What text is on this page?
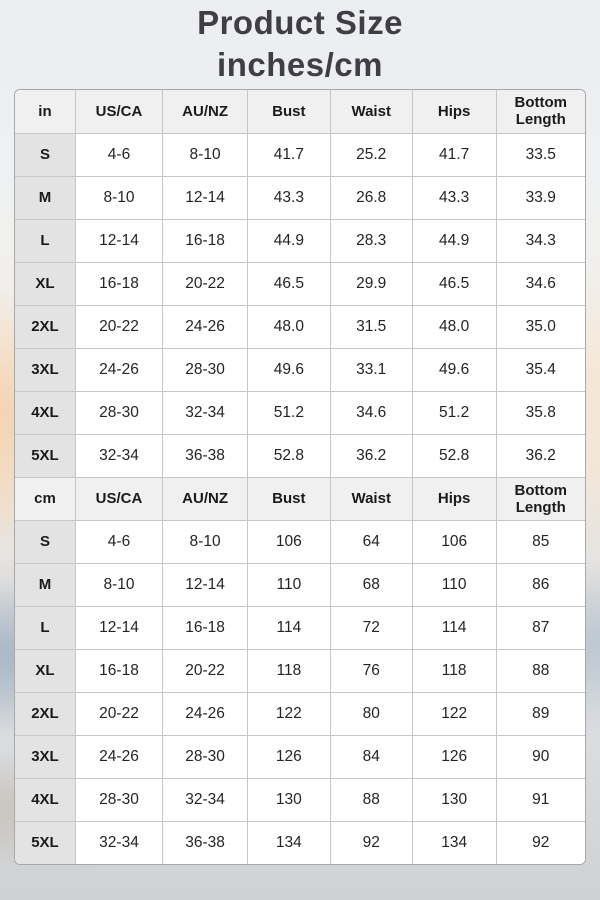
Product Size
inches/cm
in	US/CA	AU/NZ	Bust	Waist	Hips	Bottom Length
S	4-6	8-10	41.7	25.2	41.7	33.5
M	8-10	12-14	43.3	26.8	43.3	33.9
L	12-14	16-18	44.9	28.3	44.9	34.3
XL	16-18	20-22	46.5	29.9	46.5	34.6
2XL	20-22	24-26	48.0	31.5	48.0	35.0
3XL	24-26	28-30	49.6	33.1	49.6	35.4
4XL	28-30	32-34	51.2	34.6	51.2	35.8
5XL	32-34	36-38	52.8	36.2	52.8	36.2
cm	US/CA	AU/NZ	Bust	Waist	Hips	Bottom Length
S	4-6	8-10	106	64	106	85
M	8-10	12-14	110	68	110	86
L	12-14	16-18	114	72	114	87
XL	16-18	20-22	118	76	118	88
2XL	20-22	24-26	122	80	122	89
3XL	24-26	28-30	126	84	126	90
4XL	28-30	32-34	130	88	130	91
5XL	32-34	36-38	134	92	134	92
